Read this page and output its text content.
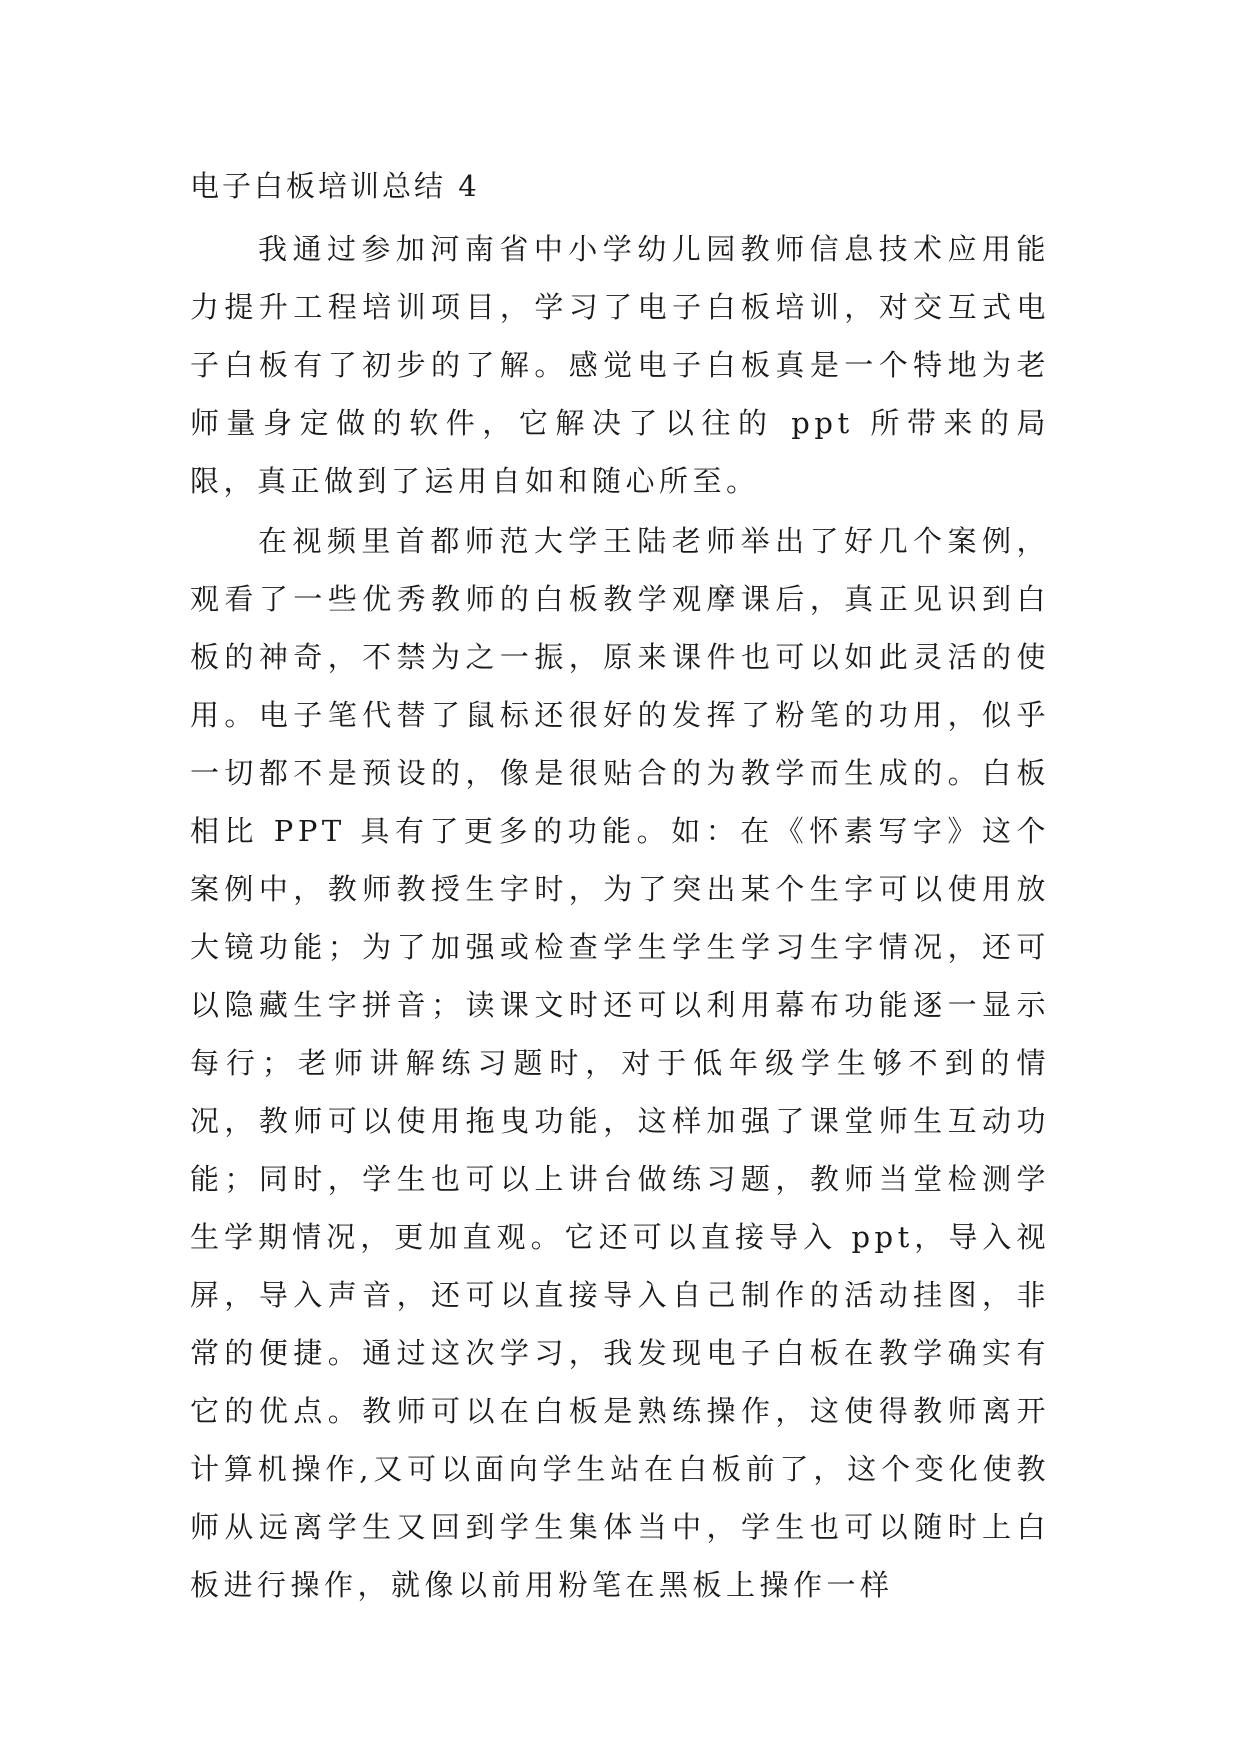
电子白板培训总结 4

我通过参加河南省中小学幼儿园教师信息技术应用能力提升工程培训项目，学习了电子白板培训，对交互式电子白板有了初步的了解。感觉电子白板真是一个特地为老师量身定做的软件，它解决了以往的 ppt 所带来的局限，真正做到了运用自如和随心所至。

在视频里首都师范大学王陆老师举出了好几个案例，观看了一些优秀教师的白板教学观摩课后，真正见识到白板的神奇，不禁为之一振，原来课件也可以如此灵活的使用。电子笔代替了鼠标还很好的发挥了粉笔的功用，似乎一切都不是预设的，像是很贴合的为教学而生成的。白板相比 PPT 具有了更多的功能。如：在《怀素写字》这个案例中，教师教授生字时，为了突出某个生字可以使用放大镜功能；为了加强或检查学生学生学习生字情况，还可以隐藏生字拼音；读课文时还可以利用幕布功能逐一显示每行；老师讲解练习题时，对于低年级学生够不到的情况，教师可以使用拖曳功能，这样加强了课堂师生互动功能；同时，学生也可以上讲台做练习题，教师当堂检测学生学期情况，更加直观。它还可以直接导入 ppt，导入视屏，导入声音，还可以直接导入自己制作的活动挂图，非常的便捷。通过这次学习，我发现电子白板在教学确实有它的优点。教师可以在白板是熟练操作，这使得教师离开计算机操作,又可以面向学生站在白板前了，这个变化使教师从远离学生又回到学生集体当中，学生也可以随时上白板进行操作，就像以前用粉笔在黑板上操作一样
